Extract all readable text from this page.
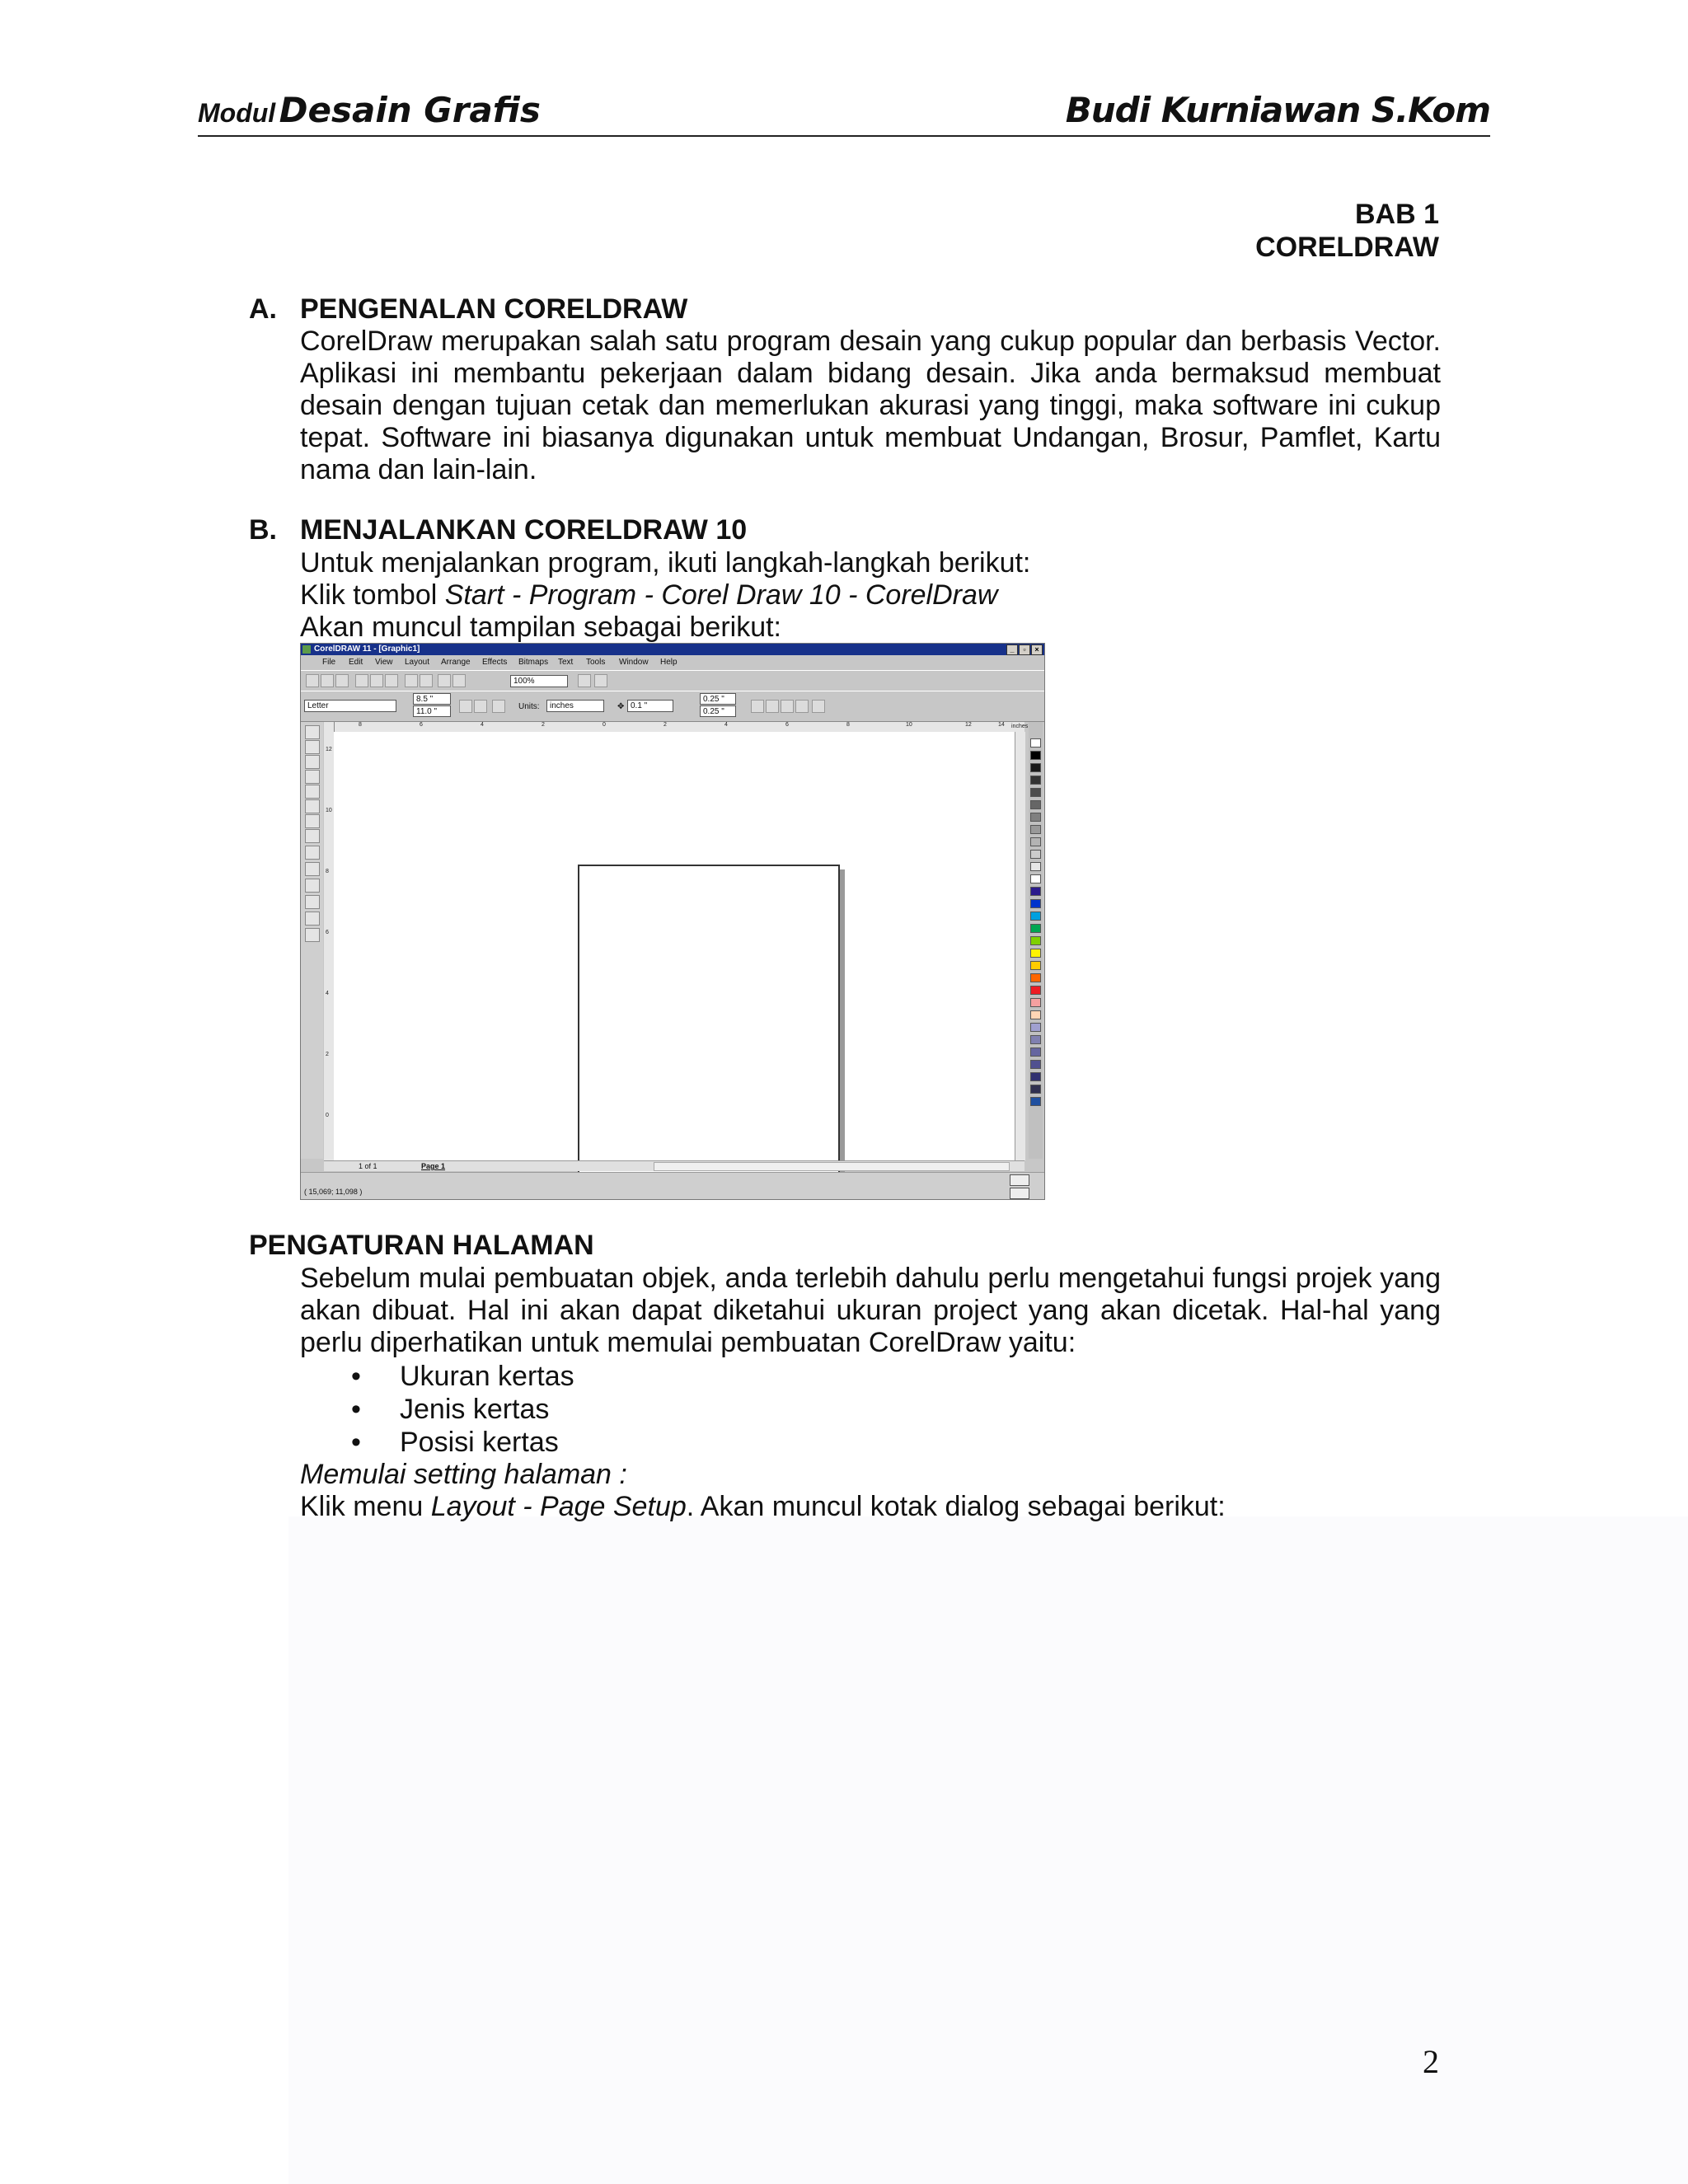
Modul Desain Grafis	Budi Kurniawan S.Kom
BAB 1
CORELDRAW
A. PENGENALAN CORELDRAW
CorelDraw merupakan salah satu program desain yang cukup popular dan berbasis Vector. Aplikasi ini membantu pekerjaan dalam bidang desain. Jika anda bermaksud membuat desain dengan tujuan cetak dan memerlukan akurasi yang tinggi, maka software ini cukup tepat. Software ini biasanya digunakan untuk membuat Undangan, Brosur, Pamflet, Kartu nama dan lain-lain.
B. MENJALANKAN CORELDRAW 10
Untuk menjalankan program, ikuti langkah-langkah berikut:
Klik tombol Start - Program - Corel Draw 10 - CorelDraw
Akan muncul tampilan sebagai berikut:
CorelDRAW 11 - [Graphic1]	_	▫	×
File Edit View Layout Arrange Effects Bitmaps Text Tools Window Help
100%
Letter
8.5 "
11.0 "
Units:	inches	✥ 0.1 "
0.25 "
0.25 "
8	6	4	2	0	2	4	6	8	10	12	14 inches
12
10
8
6
4
2
0
1 of 1	Page 1
( 15,069; 11,098 )
PENGATURAN HALAMAN
Sebelum mulai pembuatan objek, anda terlebih dahulu perlu mengetahui fungsi projek yang akan dibuat. Hal ini akan dapat diketahui ukuran project yang akan dicetak. Hal-hal yang perlu diperhatikan untuk memulai pembuatan CorelDraw yaitu:
• Ukuran kertas
• Jenis kertas
• Posisi kertas
Memulai setting halaman :
Klik menu Layout - Page Setup. Akan muncul kotak dialog sebagai berikut:
2
